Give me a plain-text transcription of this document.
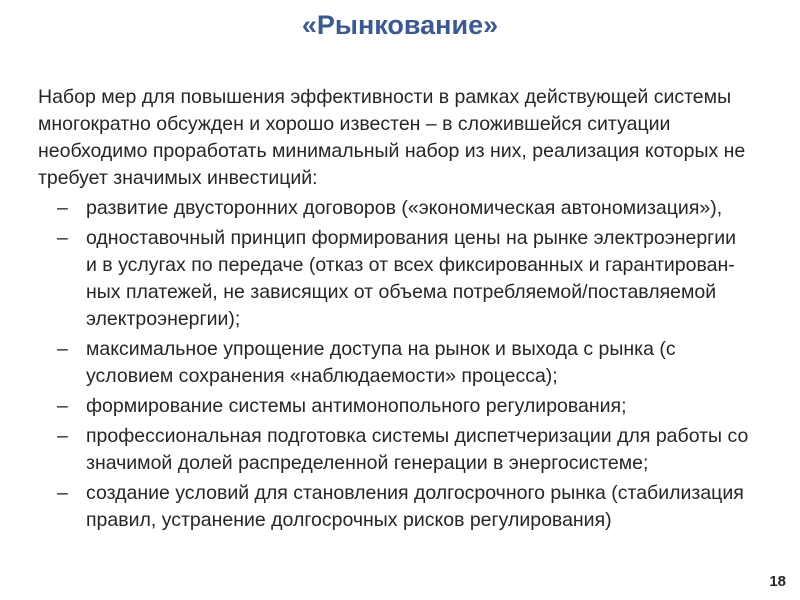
«Рынкование»
Набор мер для повышения эффективности в рамках действующей системы многократно обсужден и хорошо известен – в сложившейся ситуации необходимо проработать минимальный набор из них, реализация которых не требует значимых инвестиций:
– развитие двусторонних договоров («экономическая автономизация»),
– одноставочный принцип формирования цены на рынке электроэнергии и в услугах по передаче (отказ от всех фиксированных и гарантирован-ных платежей, не зависящих от объема потребляемой/поставляемой электроэнергии);
– максимальное упрощение доступа на рынок и выхода с рынка (с условием сохранения «наблюдаемости» процесса);
– формирование системы антимонопольного регулирования;
– профессиональная подготовка системы диспетчеризации для работы со значимой долей распределенной генерации в энергосистеме;
– создание условий для становления долгосрочного рынка (стабилизация правил, устранение долгосрочных рисков регулирования)
18
